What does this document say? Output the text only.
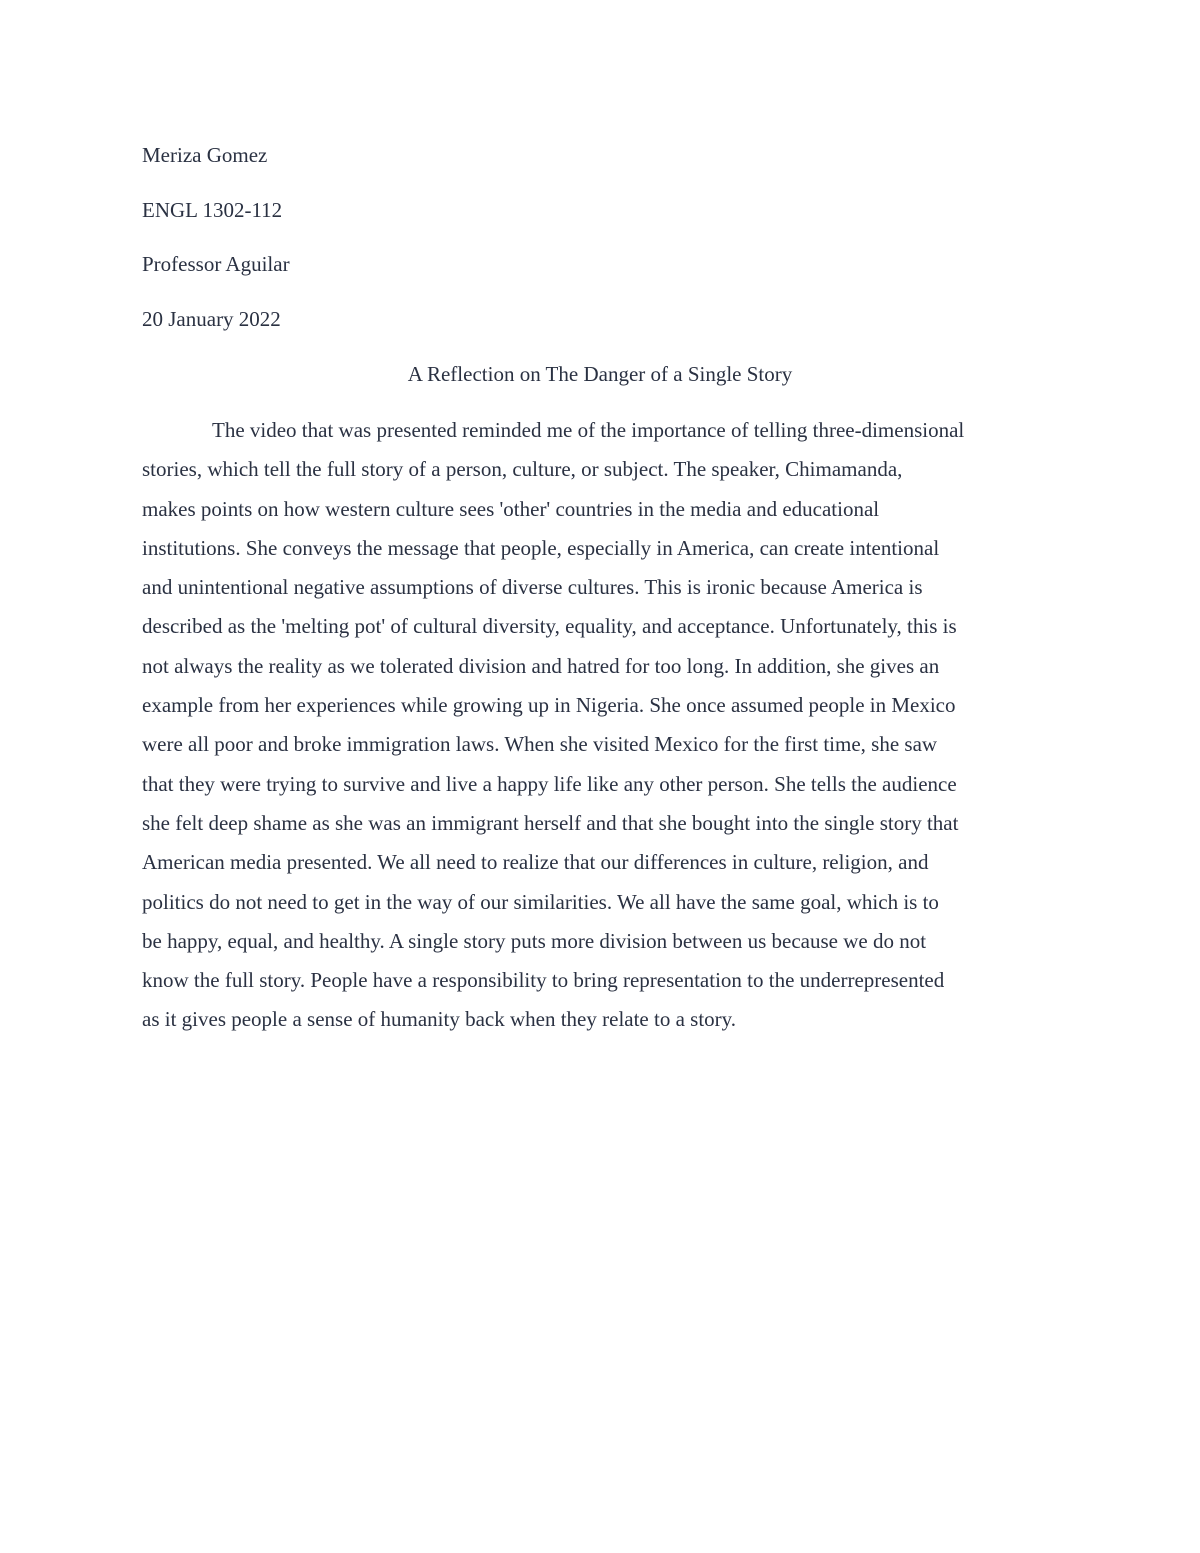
Meriza Gomez

ENGL 1302-112

Professor Aguilar

20 January 2022

A Reflection on The Danger of a Single Story
The video that was presented reminded me of the importance of telling three-dimensional
stories, which tell the full story of a person, culture, or subject. The speaker, Chimamanda,
makes points on how western culture sees 'other' countries in the media and educational
institutions. She conveys the message that people, especially in America, can create intentional
and unintentional negative assumptions of diverse cultures. This is ironic because America is
described as the 'melting pot' of cultural diversity, equality, and acceptance. Unfortunately, this is
not always the reality as we tolerated division and hatred for too long. In addition, she gives an
example from her experiences while growing up in Nigeria. She once assumed people in Mexico
were all poor and broke immigration laws. When she visited Mexico for the first time, she saw
that they were trying to survive and live a happy life like any other person. She tells the audience
she felt deep shame as she was an immigrant herself and that she bought into the single story that
American media presented. We all need to realize that our differences in culture, religion, and
politics do not need to get in the way of our similarities. We all have the same goal, which is to
be happy, equal, and healthy. A single story puts more division between us because we do not
know the full story. People have a responsibility to bring representation to the underrepresented
as it gives people a sense of humanity back when they relate to a story.
